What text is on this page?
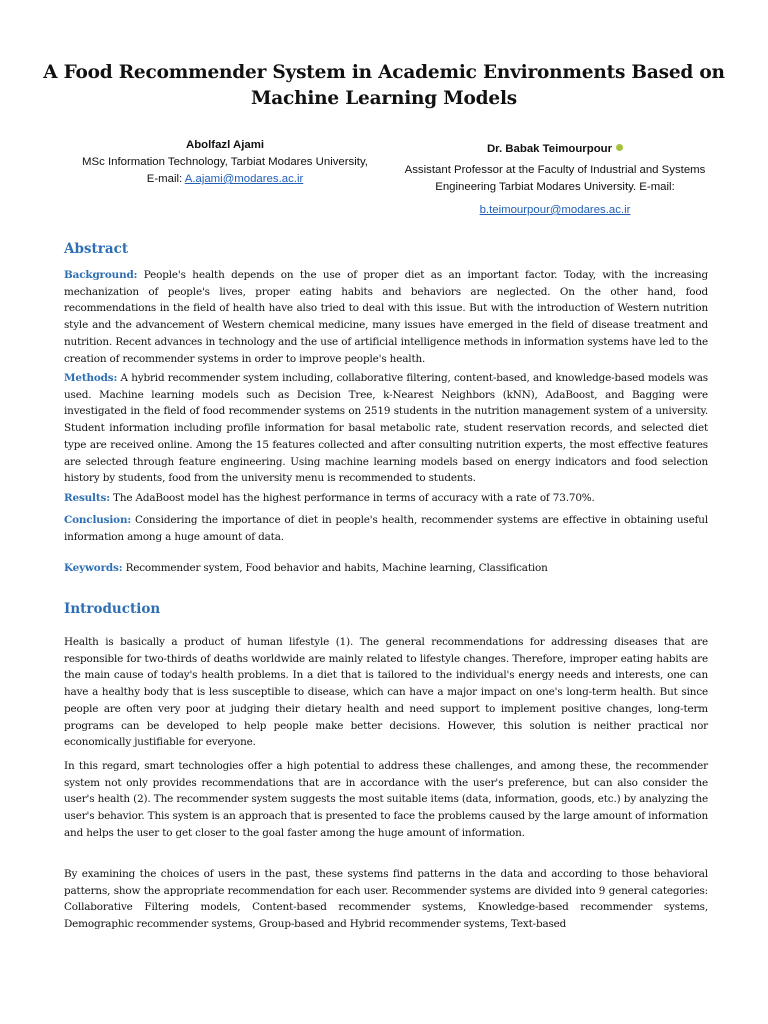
A Food Recommender System in Academic Environments Based on Machine Learning Models
Abolfazl Ajami
MSc Information Technology, Tarbiat Modares University,
E-mail: A.ajami@modares.ac.ir
Dr. Babak Teimourpour
Assistant Professor at the Faculty of Industrial and Systems Engineering Tarbiat Modares University. E-mail:
b.teimourpour@modares.ac.ir
Abstract
Background: People's health depends on the use of proper diet as an important factor. Today, with the increasing mechanization of people's lives, proper eating habits and behaviors are neglected. On the other hand, food recommendations in the field of health have also tried to deal with this issue. But with the introduction of Western nutrition style and the advancement of Western chemical medicine, many issues have emerged in the field of disease treatment and nutrition. Recent advances in technology and the use of artificial intelligence methods in information systems have led to the creation of recommender systems in order to improve people's health.
Methods: A hybrid recommender system including, collaborative filtering, content-based, and knowledge-based models was used. Machine learning models such as Decision Tree, k-Nearest Neighbors (kNN), AdaBoost, and Bagging were investigated in the field of food recommender systems on 2519 students in the nutrition management system of a university. Student information including profile information for basal metabolic rate, student reservation records, and selected diet type are received online. Among the 15 features collected and after consulting nutrition experts, the most effective features are selected through feature engineering. Using machine learning models based on energy indicators and food selection history by students, food from the university menu is recommended to students.
Results: The AdaBoost model has the highest performance in terms of accuracy with a rate of 73.70%.
Conclusion: Considering the importance of diet in people's health, recommender systems are effective in obtaining useful information among a huge amount of data.
Keywords: Recommender system, Food behavior and habits, Machine learning, Classification
Introduction
Health is basically a product of human lifestyle (1). The general recommendations for addressing diseases that are responsible for two-thirds of deaths worldwide are mainly related to lifestyle changes. Therefore, improper eating habits are the main cause of today's health problems. In a diet that is tailored to the individual's energy needs and interests, one can have a healthy body that is less susceptible to disease, which can have a major impact on one's long-term health. But since people are often very poor at judging their dietary health and need support to implement positive changes, long-term programs can be developed to help people make better decisions. However, this solution is neither practical nor economically justifiable for everyone.
In this regard, smart technologies offer a high potential to address these challenges, and among these, the recommender system not only provides recommendations that are in accordance with the user's preference, but can also consider the user's health (2). The recommender system suggests the most suitable items (data, information, goods, etc.) by analyzing the user's behavior. This system is an approach that is presented to face the problems caused by the large amount of information and helps the user to get closer to the goal faster among the huge amount of information.
By examining the choices of users in the past, these systems find patterns in the data and according to those behavioral patterns, show the appropriate recommendation for each user. Recommender systems are divided into 9 general categories: Collaborative Filtering models, Content-based recommender systems, Knowledge-based recommender systems, Demographic recommender systems, Group-based and Hybrid recommender systems, Text-based
